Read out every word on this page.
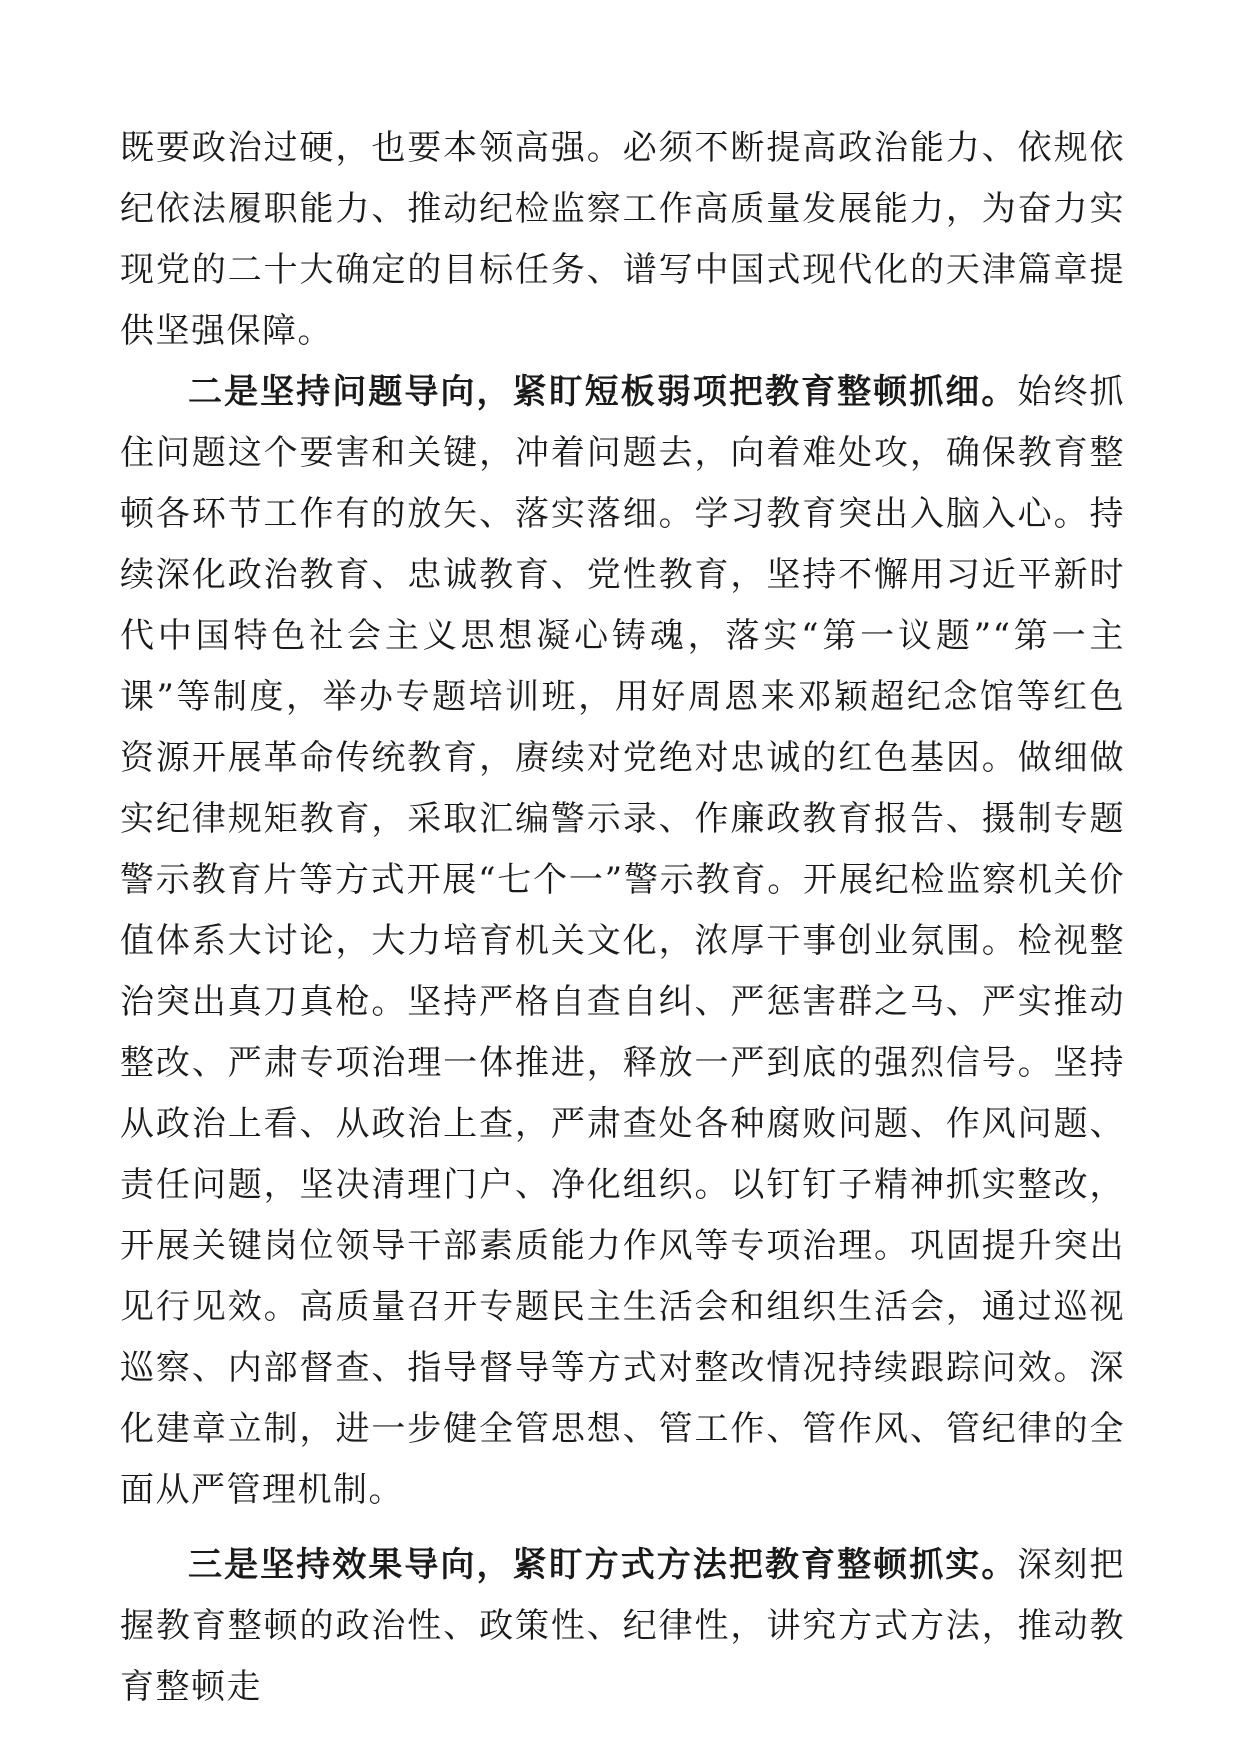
既要政治过硬，也要本领高强。必须不断提高政治能力、依规依纪依法履职能力、推动纪检监察工作高质量发展能力，为奋力实现党的二十大确定的目标任务、谱写中国式现代化的天津篇章提供坚强保障。

二是坚持问题导向，紧盯短板弱项把教育整顿抓细。始终抓住问题这个要害和关键，冲着问题去，向着难处攻，确保教育整顿各环节工作有的放矢、落实落细。学习教育突出入脑入心。持续深化政治教育、忠诚教育、党性教育，坚持不懈用习近平新时代中国特色社会主义思想凝心铸魂，落实“第一议题”“第一主课”等制度，举办专题培训班，用好周恩来邓颖超纪念馆等红色资源开展革命传统教育，赓续对党绝对忠诚的红色基因。做细做实纪律规矩教育，采取汇编警示录、作廉政教育报告、摄制专题警示教育片等方式开展“七个一”警示教育。开展纪检监察机关价值体系大讨论，大力培育机关文化，浓厚干事创业氛围。检视整治突出真刀真枪。坚持严格自查自纠、严惩害群之马、严实推动整改、严肃专项治理一体推进，释放一严到底的强烈信号。坚持从政治上看、从政治上查，严肃查处各种腐败问题、作风问题、责任问题，坚决清理门户、净化组织。以钉钉子精神抓实整改，开展关键岗位领导干部素质能力作风等专项治理。巩固提升突出见行见效。高质量召开专题民主生活会和组织生活会，通过巡视巡察、内部督查、指导督导等方式对整改情况持续跟踪问效。深化建章立制，进一步健全管思想、管工作、管作风、管纪律的全面从严管理机制。

三是坚持效果导向，紧盯方式方法把教育整顿抓实。深刻把握教育整顿的政治性、政策性、纪律性，讲究方式方法，推动教育整顿走
